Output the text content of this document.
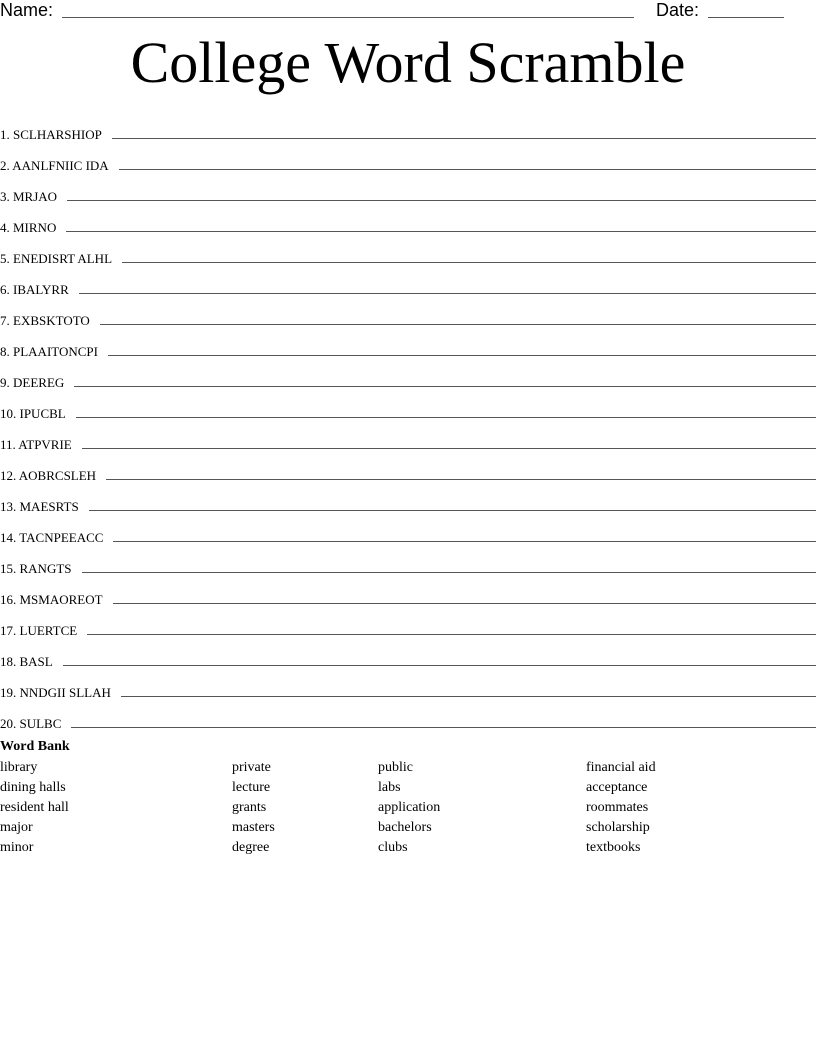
Name:	Date:
College Word Scramble
1. SCLHARSHIOP
2. AANLFNIIC IDA
3. MRJAO
4. MIRNO
5. ENEDISRT ALHL
6. IBALYRR
7. EXBSKTOTO
8. PLAAITONCPI
9. DEEREG
10. IPUCBL
11. ATPVRIE
12. AOBRCSLEH
13. MAESRTS
14. TACNPEEACC
15. RANGTS
16. MSMAOREOT
17. LUERTCE
18. BASL
19. NNDGII SLLAH
20. SULBC
Word Bank
library
dining halls
resident hall
major
minor
private
lecture
grants
masters
degree
public
labs
application
bachelors
clubs
financial aid
acceptance
roommates
scholarship
textbooks
